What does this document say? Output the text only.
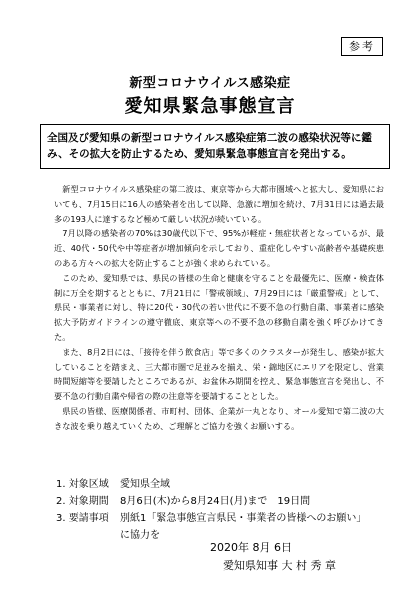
参考
新型コロナウイルス感染症
愛知県緊急事態宣言
全国及び愛知県の新型コロナウイルス感染症第二波の感染状況等に鑑み、その拡大を防止するため、愛知県緊急事態宣言を発出する。

新型コロナウイルス感染症の第二波は、東京等から大都市圏域へと拡大し、愛知県においても、7月15日に16人の感染者を出して以降、急激に増加を続け、7月31日には過去最多の193人に達するなど極めて厳しい状況が続いている。

7月以降の感染者の70%は30歳代以下で、95%が軽症・無症状者となっているが、最近、40代・50代や中等症者が増加傾向を示しており、重症化しやすい高齢者や基礎疾患のある方々への拡大を防止することが強く求められている。

このため、愛知県では、県民の皆様の生命と健康を守ることを最優先に、医療・検査体制に万全を期するとともに、7月21日に「警戒領域」、7月29日には「厳重警戒」として、県民・事業者に対し、特に20代・30代の若い世代に不要不急の行動自粛、事業者に感染拡大予防ガイドラインの遵守徹底、東京等への不要不急の移動自粛を強く呼びかけてきた。

また、8月2日には、「接待を伴う飲食店」等で多くのクラスターが発生し、感染が拡大していることを踏まえ、三大都市圏で足並みを揃え、栄・錦地区にエリアを限定し、営業時間短縮等を要請したところであるが、お盆休み期間を控え、緊急事態宣言を発出し、不要不急の行動自粛や帰省の際の注意等を要請することとした。

県民の皆様、医療関係者、市町村、団体、企業が一丸となり、オール愛知で第二波の大きな波を乗り越えていくため、ご理解とご協力を強くお願いする。

1. 対象区域	愛知県全域
2. 対象期間	8月6日(木)から8月24日(月)まで　19日間
3. 要請事項	別紙1「緊急事態宣言県民・事業者の皆様へのお願い」
に協力を
2020年 8月 6日
愛知県知事 大 村 秀 章
